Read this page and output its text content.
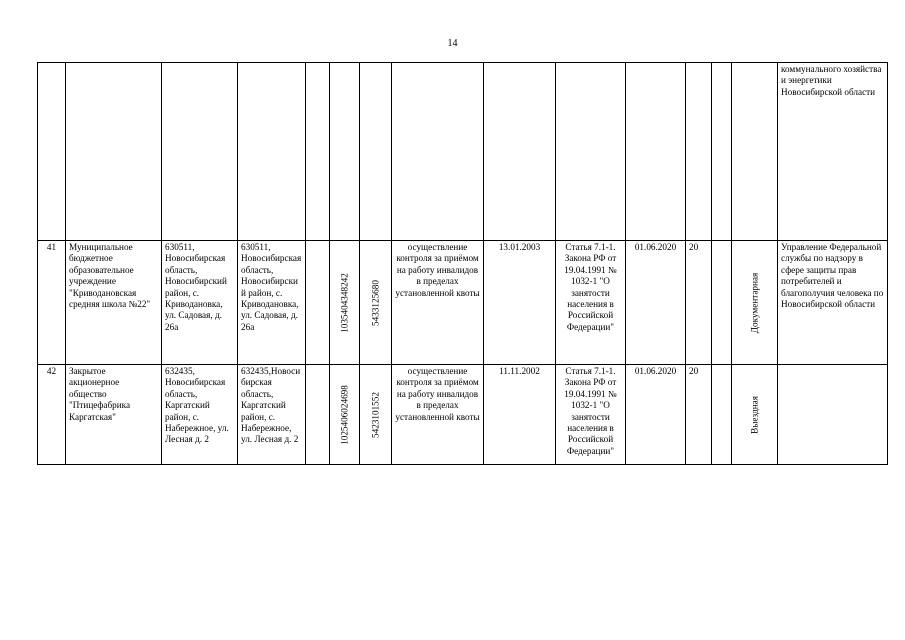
14
														коммунального хозяйства и энергетики Новосибирской области
41	Муниципальное бюджетное образовательное учреждение "Криводановская средняя школа №22"	630511, Новосибирская область, Новосибирский район, с. Криводановка, ул. Садовая, д. 26а	630511, Новосибирская область, Новосибирский район, с. Криводановка, ул. Садовая, д. 26а		1035404348242	5433125680	осуществление контроля за приёмом на работу инвалидов в пределах установленной квоты	13.01.2003	Статья 7.1-1. Закона РФ от 19.04.1991 № 1032-1 "О занятости населения в Российской Федерации"	01.06.2020	20		Документарная	Управление Федеральной службы по надзору в сфере защиты прав потребителей и благополучия человека по Новосибирской области
42	Закрытое акционерное общество "Птицефабрика Каргатская"	632435, Новосибирская область, Каргатский район, с. Набережное, ул. Лесная д. 2	632435,Новосибирская область, Каргатский район, с. Набережное, ул. Лесная д. 2		1025406024698	5423101552	осуществление контроля за приёмом на работу инвалидов в пределах установленной квоты	11.11.2002	Статья 7.1-1. Закона РФ от 19.04.1991 № 1032-1 "О занятости населения в Российской Федерации"	01.06.2020	20		Выездная	
